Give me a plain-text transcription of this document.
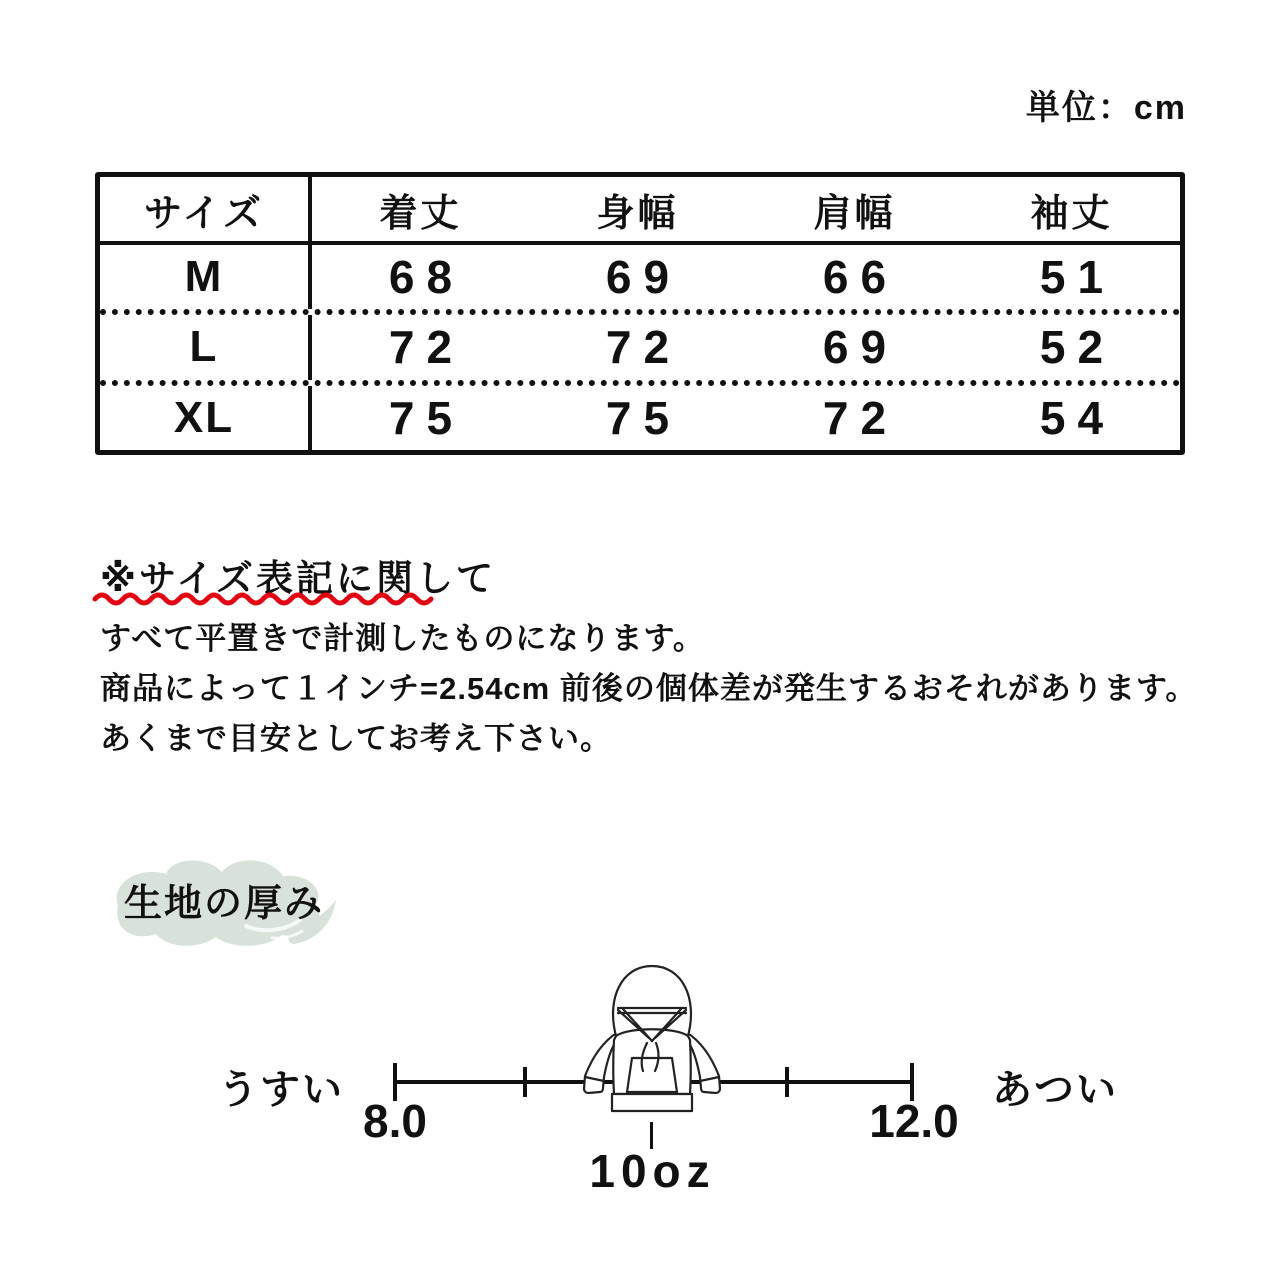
単位：cm
サイズ	着丈	身幅	肩幅	袖丈
M	68	69	66	51
L	72	72	69	52
XL	75	75	72	54
※サイズ表記に関して
すべて平置きで計測したものになります。
商品によって１インチ=2.54cm 前後の個体差が発生するおそれがあります。
あくまで目安としてお考え下さい。
生地の厚み
うすい
8.0	12.0
あつい
10oz
